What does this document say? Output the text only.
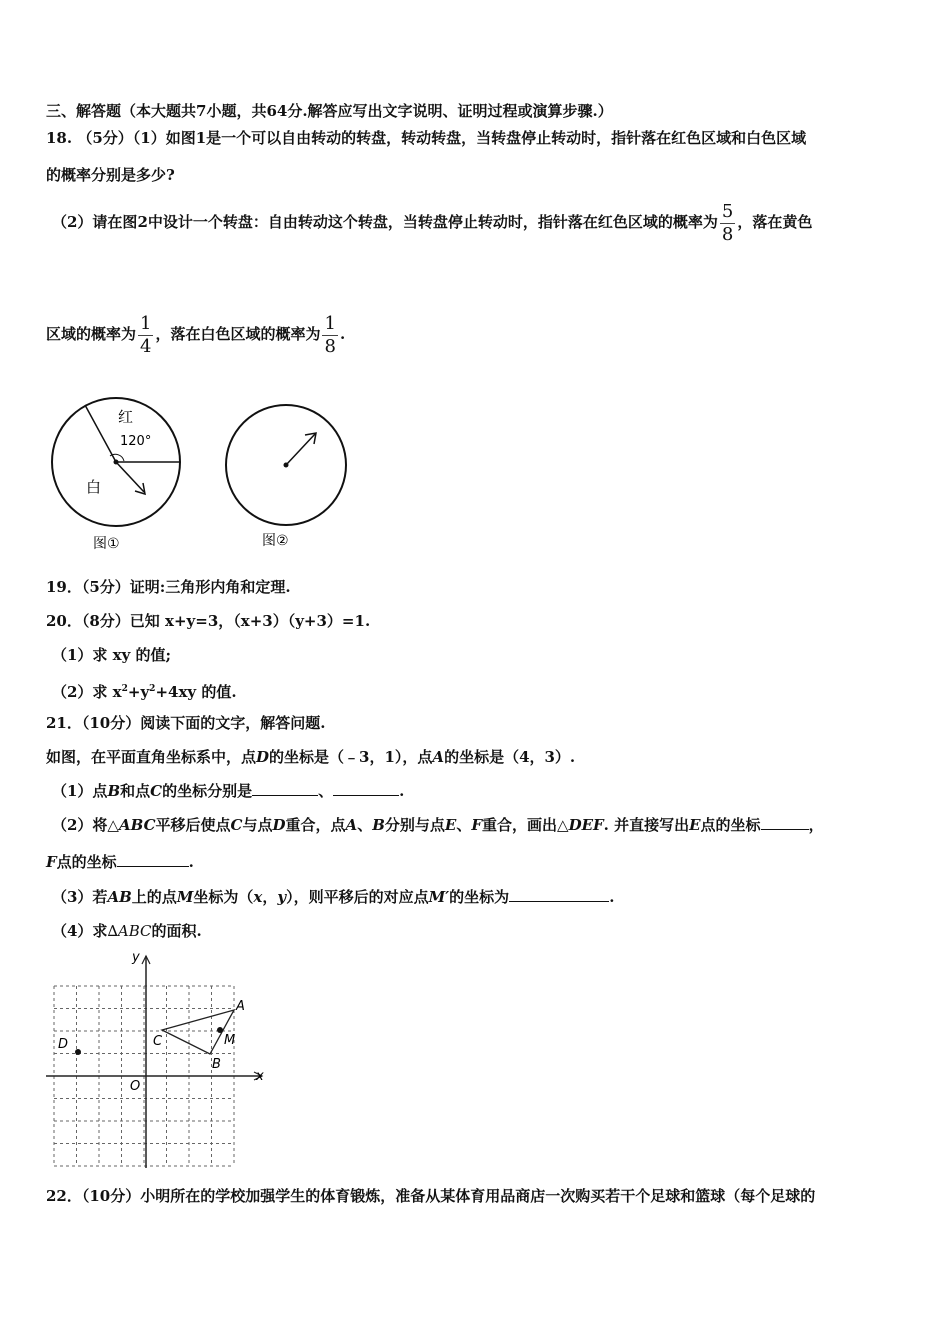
三、解答题（本大题共7小题，共64分.解答应写出文字说明、证明过程或演算步骤.）
18. （5分）（1）如图1是一个可以自由转动的转盘，转动转盘，当转盘停止转动时，指针落在红色区域和白色区域
的概率分别是多少?
（2）请在图2中设计一个转盘：自由转动这个转盘，当转盘停止转动时，指针落在红色区域的概率为 $\frac{5}{8}$ ，落在黄色
区域的概率为 $\frac{1}{4}$ ，落在白色区域的概率为 $\frac{1}{8}$ .
红
120°
白
图①	图②
19．（5分）证明:三角形内角和定理.
20．（8分）已知 x+y=3，（x+3）（y+3）=1.
（1）求 xy 的值;
（2）求 $x^2+y^2+4xy$ 的值.
21．（10分）阅读下面的文字，解答问题.
如图，在平面直角坐标系中，点D的坐标是（﹣3，1），点A的坐标是（4，3）.
（1）点B和点C的坐标分别是	、	.
（2）将△ABC平移后使点C与点D重合，点A、B分别与点E、F重合，画出△DEF. 并直接写出E点的坐标	，
F点的坐标	.
（3）若AB上的点M坐标为（x，y），则平移后的对应点M′的坐标为	.
（4）求∆ABC的面积.
y
x
O
A
B
C
D	M
22．（10分）小明所在的学校加强学生的体育锻炼，准备从某体育用品商店一次购买若干个足球和篮球（每个足球的
